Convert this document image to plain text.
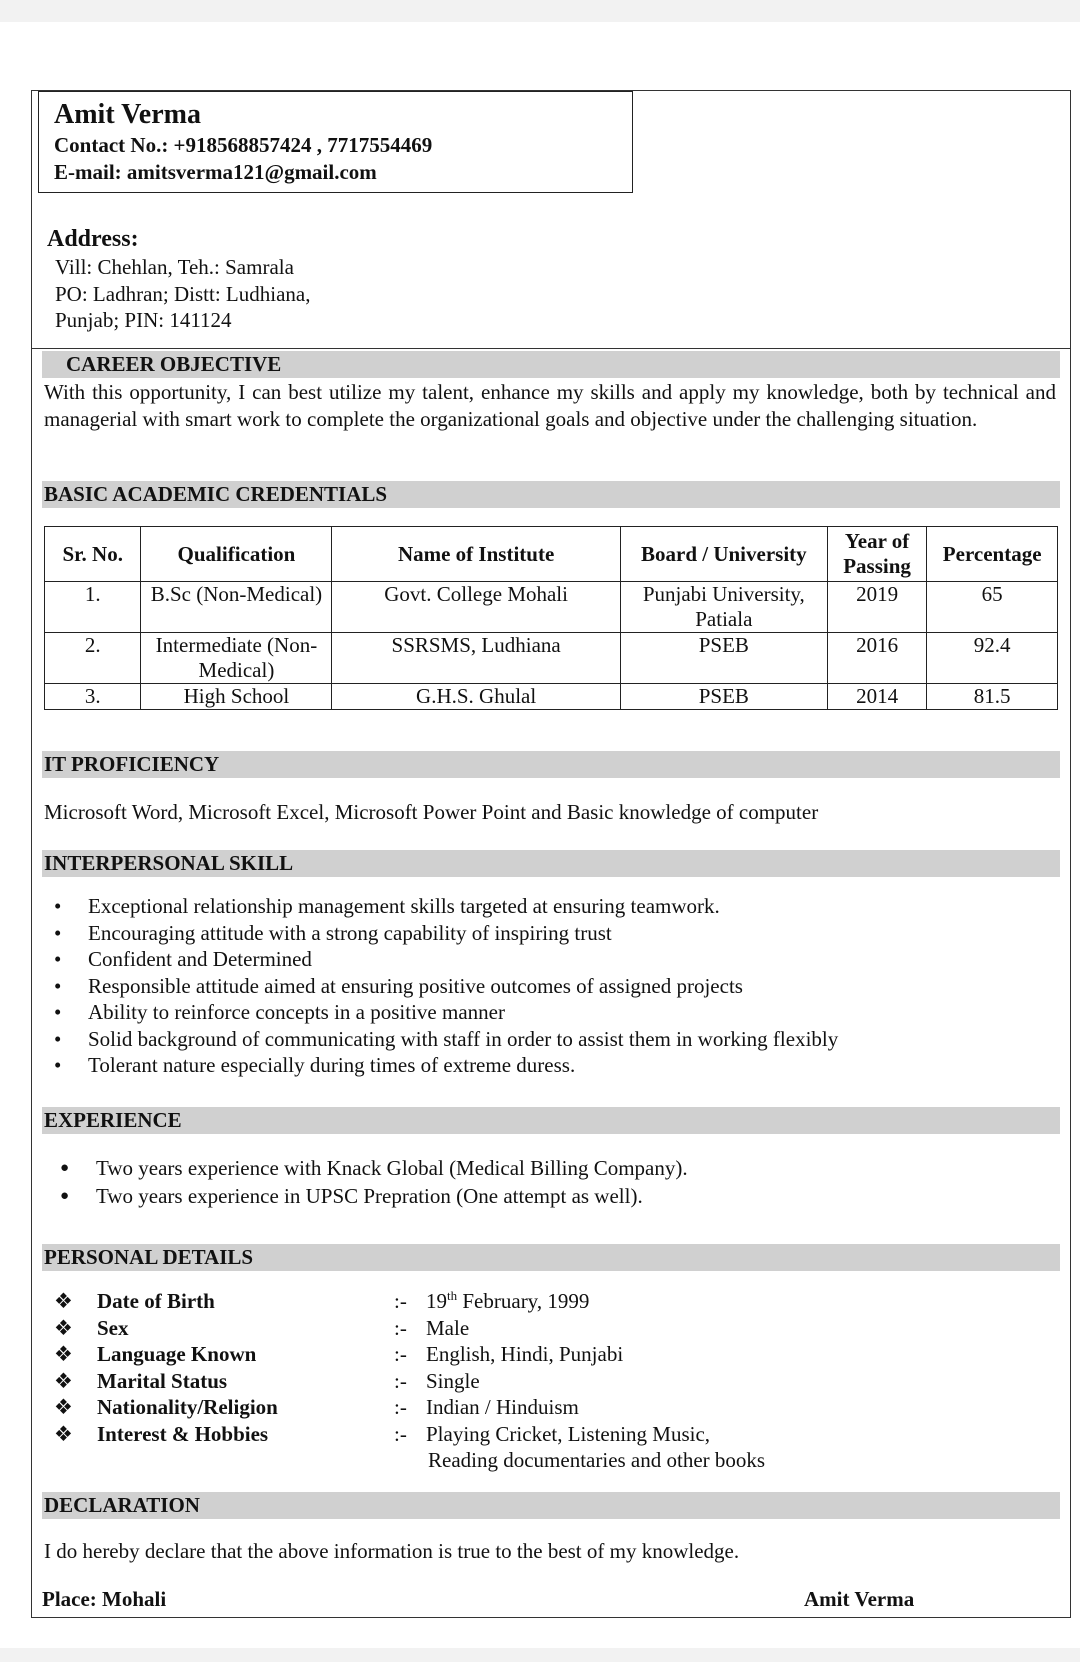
Amit Verma
Contact No.: +918568857424 , 7717554469
E-mail: amitsverma121@gmail.com
Address:
Vill: Chehlan, Teh.: Samrala
PO: Ladhran; Distt: Ludhiana,
Punjab; PIN: 141124
CAREER OBJECTIVE
With this opportunity, I can best utilize my talent, enhance my skills and apply my knowledge, both by technical and managerial with smart work to complete the organizational goals and objective under the challenging situation.
BASIC ACADEMIC CREDENTIALS
Sr. No.	Qualification	Name of Institute	Board / University	Year of Passing	Percentage
1.	B.Sc (Non-Medical)	Govt. College Mohali	Punjabi University, Patiala	2019	65
2.	Intermediate (Non-Medical)	SSRSMS, Ludhiana	PSEB	2016	92.4
3.	High School	G.H.S. Ghulal	PSEB	2014	81.5
IT PROFICIENCY
Microsoft Word, Microsoft Excel, Microsoft Power Point and Basic knowledge of computer
INTERPERSONAL SKILL
• Exceptional relationship management skills targeted at ensuring teamwork.
• Encouraging attitude with a strong capability of inspiring trust
• Confident and Determined
• Responsible attitude aimed at ensuring positive outcomes of assigned projects
• Ability to reinforce concepts in a positive manner
• Solid background of communicating with staff in order to assist them in working flexibly
• Tolerant nature especially during times of extreme duress.
EXPERIENCE
● Two years experience with Knack Global (Medical Billing Company).
● Two years experience in UPSC Prepration (One attempt as well).
PERSONAL DETAILS
❖	Date of Birth	:- 19th February, 1999
❖	Sex	:- Male
❖	Language Known	:- English, Hindi, Punjabi
❖	Marital Status	:- Single
❖	Nationality/Religion	:- Indian / Hinduism
❖	Interest & Hobbies	:- Playing Cricket, Listening Music,
Reading documentaries and other books
DECLARATION
I do hereby declare that the above information is true to the best of my knowledge.
Place: Mohali	Amit Verma
